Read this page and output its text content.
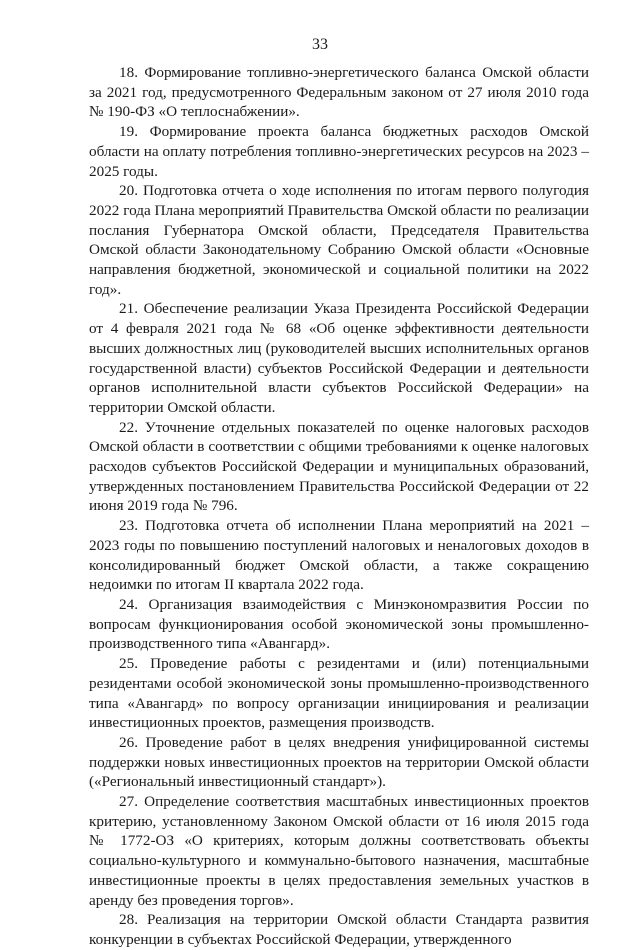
33

18. Формирование топливно-энергетического баланса Омской области за 2021 год, предусмотренного Федеральным законом от 27 июля 2010 года № 190-ФЗ «О теплоснабжении».

19. Формирование проекта баланса бюджетных расходов Омской области на оплату потребления топливно-энергетических ресурсов на 2023 – 2025 годы.

20. Подготовка отчета о ходе исполнения по итогам первого полугодия 2022 года Плана мероприятий Правительства Омской области по реализации послания Губернатора Омской области, Председателя Правительства Омской области Законодательному Собранию Омской области «Основные направления бюджетной, экономической и социальной политики на 2022 год».

21. Обеспечение реализации Указа Президента Российской Федерации от 4 февраля 2021 года № 68 «Об оценке эффективности деятельности высших должностных лиц (руководителей высших исполнительных органов государственной власти) субъектов Российской Федерации и деятельности органов исполнительной власти субъектов Российской Федерации» на территории Омской области.

22. Уточнение отдельных показателей по оценке налоговых расходов Омской области в соответствии с общими требованиями к оценке налоговых расходов субъектов Российской Федерации и муниципальных образований, утвержденных постановлением Правительства Российской Федерации от 22 июня 2019 года № 796.

23. Подготовка отчета об исполнении Плана мероприятий на 2021 – 2023 годы по повышению поступлений налоговых и неналоговых доходов в консолидированный бюджет Омской области, а также сокращению недоимки по итогам II квартала 2022 года.

24. Организация взаимодействия с Минэкономразвития России по вопросам функционирования особой экономической зоны промышленно-производственного типа «Авангард».

25. Проведение работы с резидентами и (или) потенциальными резидентами особой экономической зоны промышленно-производственного типа «Авангард» по вопросу организации инициирования и реализации инвестиционных проектов, размещения производств.

26. Проведение работ в целях внедрения унифицированной системы поддержки новых инвестиционных проектов на территории Омской области («Региональный инвестиционный стандарт»).

27. Определение соответствия масштабных инвестиционных проектов критерию, установленному Законом Омской области от 16 июля 2015 года № 1772-ОЗ «О критериях, которым должны соответствовать объекты социально-культурного и коммунально-бытового назначения, масштабные инвестиционные проекты в целях предоставления земельных участков в аренду без проведения торгов».

28. Реализация на территории Омской области Стандарта развития конкуренции в субъектах Российской Федерации, утвержденного
